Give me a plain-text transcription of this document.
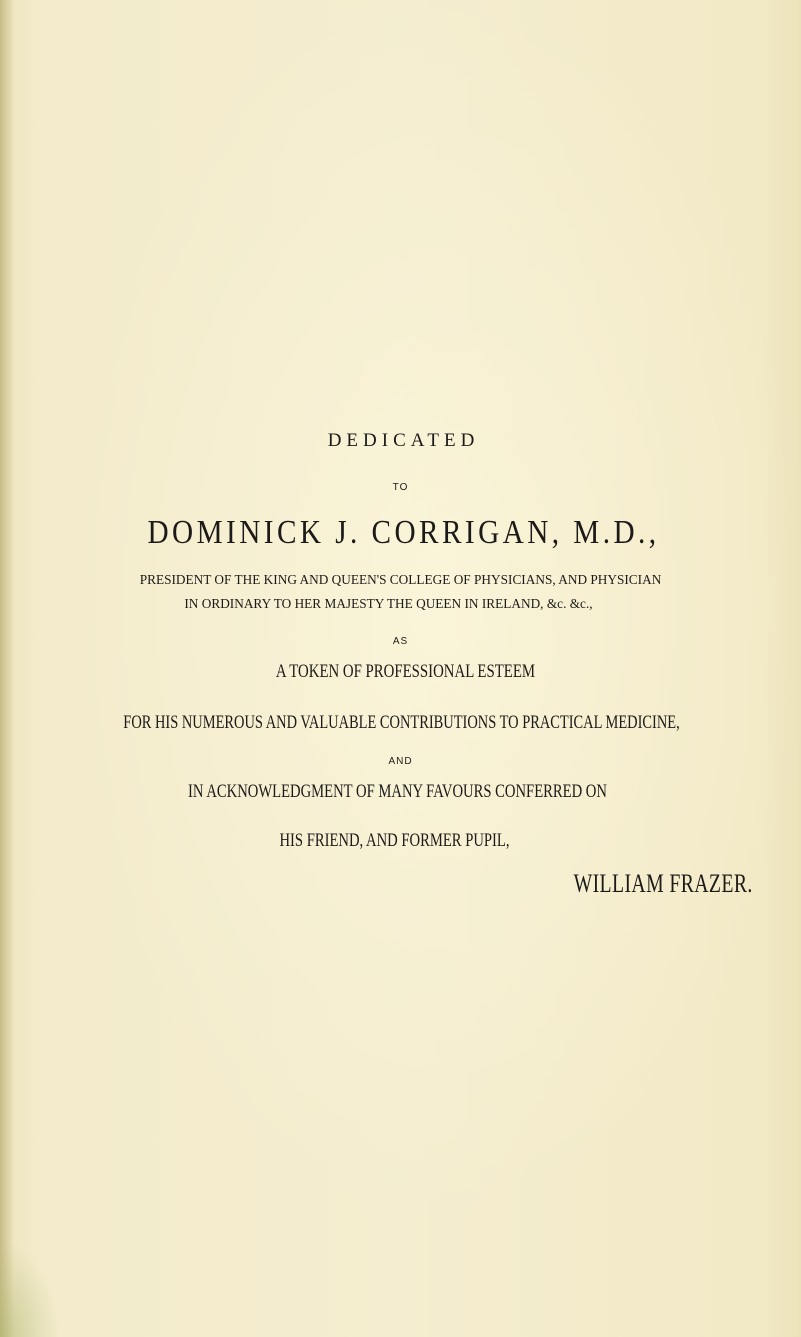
DEDICATED
TO
DOMINICK J. CORRIGAN, M.D.,
PRESIDENT OF THE KING AND QUEEN'S COLLEGE OF PHYSICIANS, AND PHYSICIAN
IN ORDINARY TO HER MAJESTY THE QUEEN IN IRELAND, &c. &c.,
AS
A TOKEN OF PROFESSIONAL ESTEEM
FOR HIS NUMEROUS AND VALUABLE CONTRIBUTIONS TO PRACTICAL MEDICINE,
AND
IN ACKNOWLEDGMENT OF MANY FAVOURS CONFERRED ON
HIS FRIEND, AND FORMER PUPIL,
WILLIAM FRAZER.
